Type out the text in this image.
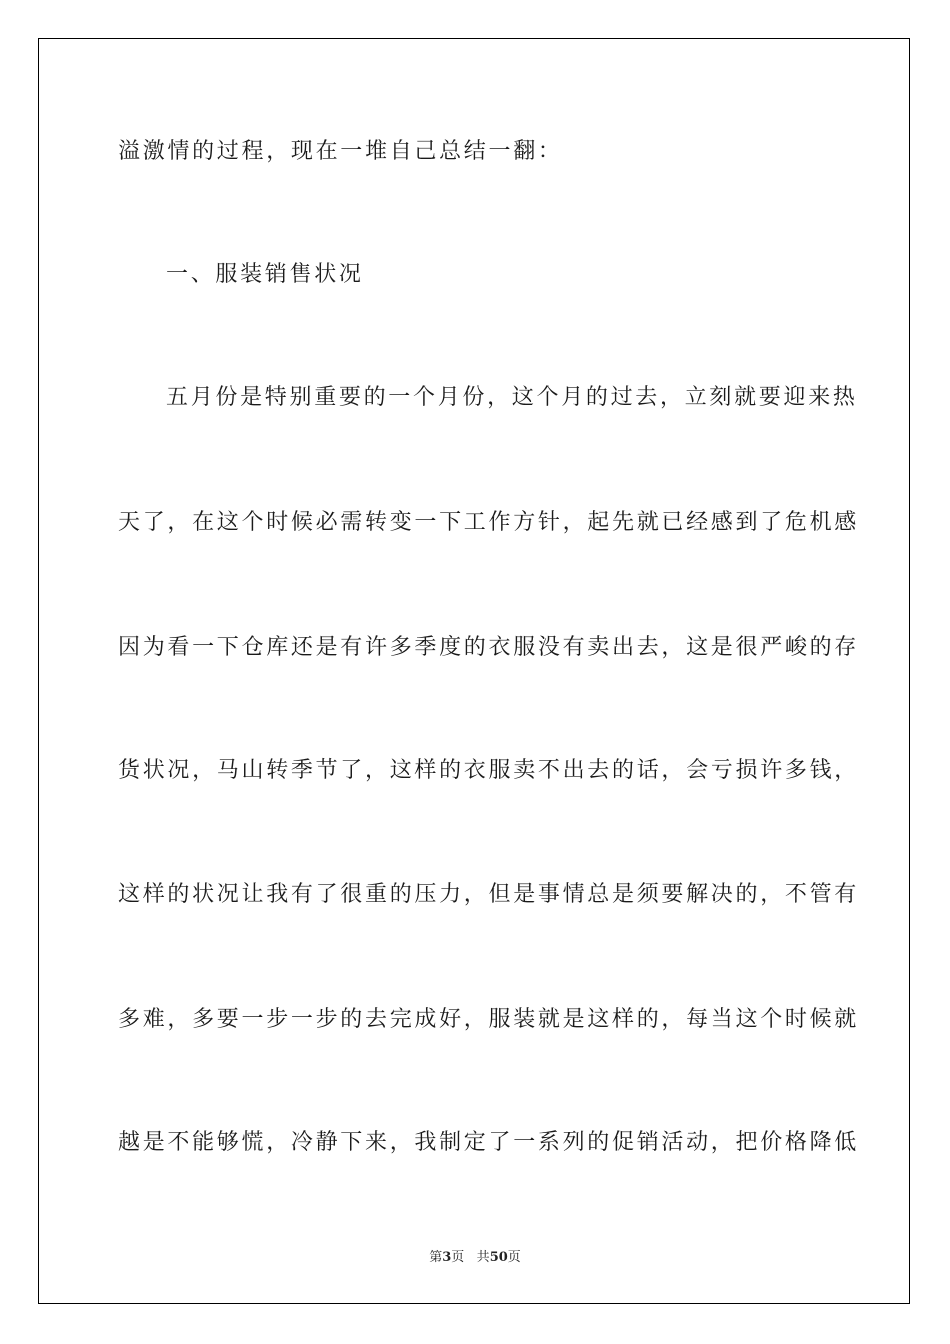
溢激情的过程，现在一堆自己总结一翻：
一、服装销售状况
五月份是特别重要的一个月份，这个月的过去，立刻就要迎来热
天了，在这个时候必需转变一下工作方针，起先就已经感到了危机感
因为看一下仓库还是有许多季度的衣服没有卖出去，这是很严峻的存
货状况，马山转季节了，这样的衣服卖不出去的话，会亏损许多钱，
这样的状况让我有了很重的压力，但是事情总是须要解决的，不管有
多难，多要一步一步的去完成好，服装就是这样的，每当这个时候就
越是不能够慌，冷静下来，我制定了一系列的促销活动，把价格降低
第3页 共50页
